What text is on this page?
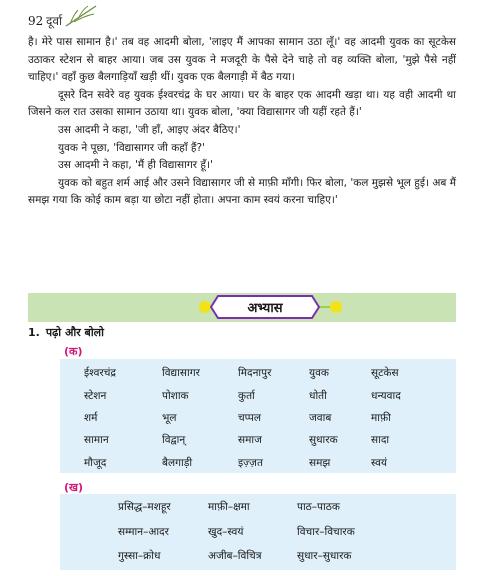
92 दूर्वा

है। मेरे पास सामान है।' तब वह आदमी बोला, 'लाइए मैं आपका सामान उठा लूँ।' वह आदमी युवक का सूटकेस उठाकर स्टेशन से बाहर आया। जब उस युवक ने मजदूरी के पैसे देने चाहे तो वह व्यक्ति बोला, 'मुझे पैसे नहीं चाहिए।' वहाँ कुछ बैलगाड़ियाँ खड़ी थीं। युवक एक बैलगाड़ी में बैठ गया।

दूसरे दिन सवेरे वह युवक ईश्वरचंद्र के घर आया। घर के बाहर एक आदमी खड़ा था। यह वही आदमी था जिसने कल रात उसका सामान उठाया था। युवक बोला, 'क्या विद्यासागर जी यहीं रहते हैं।'

उस आदमी ने कहा, 'जी हाँ, आइए अंदर बैठिए।'

युवक ने पूछा, 'विद्यासागर जी कहाँ हैं?'

उस आदमी ने कहा, 'मैं ही विद्यासागर हूँ।'

युवक को बहुत शर्म आई और उसने विद्यासागर जी से माफ़ी माँगी। फिर बोला, 'कल मुझसे भूल हुई। अब मैं समझ गया कि कोई काम बड़ा या छोटा नहीं होता। अपना काम स्वयं करना चाहिए।'

अभ्यास
1. पढ़ो और बोलो
(क)
ईश्वरचंद्र	विद्यासागर	मिदनापुर	युवक	सूटकेस
स्टेशन	पोशाक	कुर्ता	धोती	धन्यवाद
शर्म	भूल	चप्पल	जवाब	माफ़ी
सामान	विद्वान्	समाज	सुधारक	सादा
मौजूद	बैलगाड़ी	इज़्ज़त	समझ	स्वयं
(ख)
प्रसिद्ध–मशहूर	माफ़ी–क्षमा	पाठ–पाठक
सम्मान–आदर	खुद–स्वयं	विचार–विचारक
गुस्सा–क्रोध	अजीब–विचित्र	सुधार–सुधारक
